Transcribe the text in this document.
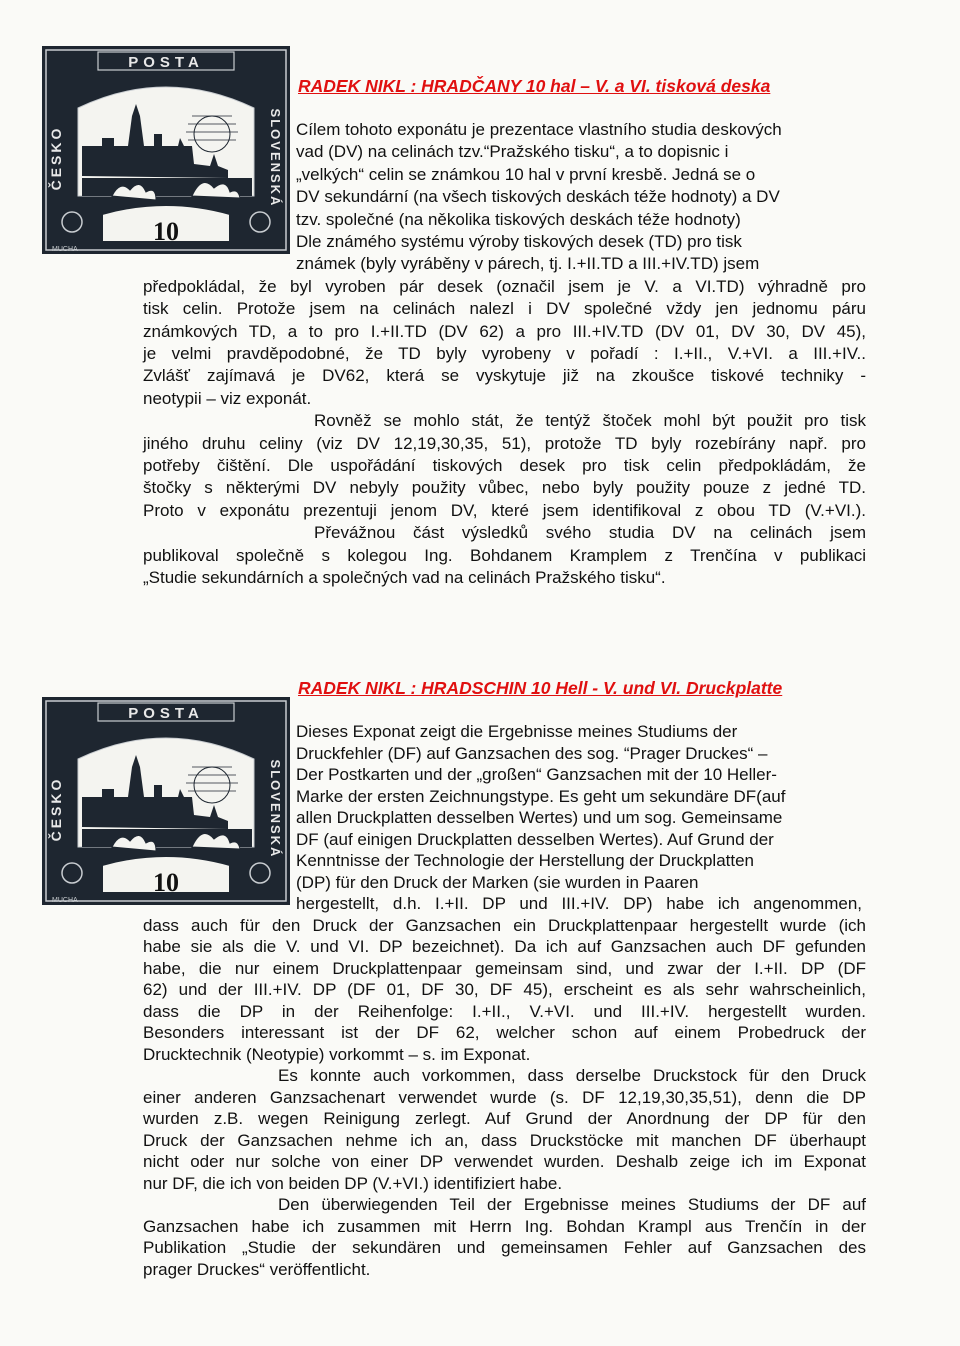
POSTA
ČESKO	SLOVENSKÁ
10
MUCHA
RADEK NIKL : HRADČANY 10 hal – V. a VI. tisková deska
Cílem tohoto exponátu je prezentace vlastního studia deskových
vad (DV) na celinách tzv.“Pražského tisku“, a to dopisnic i
„velkých“ celin se známkou 10 hal v první kresbě. Jedná se o
DV sekundární (na všech tiskových deskách téže hodnoty) a DV
tzv. společné (na několika tiskových deskách téže hodnoty)
Dle známého systému výroby tiskových desek (TD) pro tisk
známek (byly vyráběny v párech, tj. I.+II.TD a III.+IV.TD) jsem
předpokládal, že byl vyroben pár desek (označil jsem je V. a VI.TD) výhradně pro
tisk celin. Protože jsem na celinách nalezl i DV společné vždy jen jednomu páru
známkových TD, a to pro I.+II.TD (DV 62) a pro III.+IV.TD (DV 01, DV 30, DV 45),
je velmi pravděpodobné, že TD byly vyrobeny v pořadí : I.+II., V.+VI. a III.+IV..
Zvlášť zajímavá je DV62, která se vyskytuje již na zkoušce tiskové techniky -
neotypii – viz exponát.
Rovněž se mohlo stát, že tentýž štoček mohl být použit pro tisk
jiného druhu celiny (viz DV 12,19,30,35, 51), protože TD byly rozebírány např. pro
potřeby čištění. Dle uspořádání tiskových desek pro tisk celin předpokládám, že
štočky s některými DV nebyly použity vůbec, nebo byly použity pouze z jedné TD.
Proto v exponátu prezentuji jenom DV, které jsem identifikoval z obou TD (V.+VI.).
Převážnou část výsledků svého studia DV na celinách jsem
publikoval společně s kolegou Ing. Bohdanem Kramplem z Trenčína v publikaci
„Studie sekundárních a společných vad na celinách Pražského tisku“.
POSTA
ČESKO	SLOVENSKÁ
10
MUCHA
RADEK NIKL : HRADSCHIN 10 Hell - V. und VI. Druckplatte
Dieses Exponat zeigt die Ergebnisse meines Studiums der
Druckfehler (DF) auf Ganzsachen des sog. “Prager Druckes“ –
Der Postkarten und der „großen“ Ganzsachen mit der 10 Heller-
Marke der ersten Zeichnungstype. Es geht um sekundäre DF(auf
allen Druckplatten desselben Wertes) und um sog. Gemeinsame
DF (auf einigen Druckplatten desselben Wertes). Auf Grund der
Kenntnisse der Technologie der Herstellung der Druckplatten
(DP) für den Druck der Marken (sie wurden in Paaren
hergestellt, d.h. I.+II. DP und III.+IV. DP) habe ich angenommen,
dass auch für den Druck der Ganzsachen ein Druckplattenpaar hergestellt wurde (ich
habe sie als die V. und VI. DP bezeichnet). Da ich auf Ganzsachen auch DF gefunden
habe, die nur einem Druckplattenpaar gemeinsam sind, und zwar der I.+II. DP (DF
62) und der III.+IV. DP (DF 01, DF 30, DF 45), erscheint es als sehr wahrscheinlich,
dass die DP in der Reihenfolge: I.+II., V.+VI. und III.+IV. hergestellt wurden.
Besonders interessant ist der DF 62, welcher schon auf einem Probedruck der
Drucktechnik (Neotypie) vorkommt – s. im Exponat.
Es konnte auch vorkommen, dass derselbe Druckstock für den Druck
einer anderen Ganzsachenart verwendet wurde (s. DF 12,19,30,35,51), denn die DP
wurden z.B. wegen Reinigung zerlegt. Auf Grund der Anordnung der DP für den
Druck der Ganzsachen nehme ich an, dass Druckstöcke mit manchen DF überhaupt
nicht oder nur solche von einer DP verwendet wurden. Deshalb zeige ich im Exponat
nur DF, die ich von beiden DP (V.+VI.) identifiziert habe.
Den überwiegenden Teil der Ergebnisse meines Studiums der DF auf
Ganzsachen habe ich zusammen mit Herrn Ing. Bohdan Krampl aus Trenčín in der
Publikation „Studie der sekundären und gemeinsamen Fehler auf Ganzsachen des
prager Druckes“ veröffentlicht.
